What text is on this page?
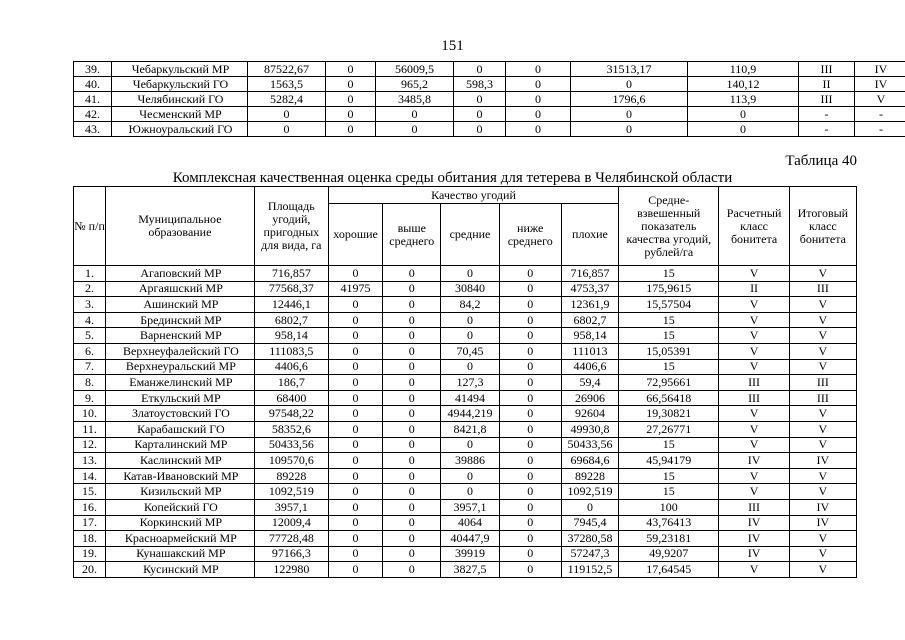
151
39.	Чебаркульский МР	87522,67	0	56009,5	0	0	31513,17	110,9	III	IV
40.	Чебаркульский ГО	1563,5	0	965,2	598,3	0	0	140,12	II	IV
41.	Челябинский ГО	5282,4	0	3485,8	0	0	1796,6	113,9	III	V
42.	Чесменский МР	0	0	0	0	0	0	0	-	-
43.	Южноуральский ГО	0	0	0	0	0	0	0	-	-
Таблица 40
Комплексная качественная оценка среды обитания для тетерева в Челябинской области
№ п/п	Муниципальное образование	Площадь угодий, пригодных для вида, га	Качество угодий					Средне-взвешенный показатель качества угодий, рублей/га	Расчетный класс бонитета	Итоговый класс бонитета
			хорошие	выше среднего	средние	ниже среднего	плохие			
1.	Агаповский МР	716,857	0	0	0	0	716,857	15	V	V
2.	Аргаяшский МР	77568,37	41975	0	30840	0	4753,37	175,9615	II	III
3.	Ашинский МР	12446,1	0	0	84,2	0	12361,9	15,57504	V	V
4.	Брединский МР	6802,7	0	0	0	0	6802,7	15	V	V
5.	Варненский МР	958,14	0	0	0	0	958,14	15	V	V
6.	Верхнеуфалейский ГО	111083,5	0	0	70,45	0	111013	15,05391	V	V
7.	Верхнеуральский МР	4406,6	0	0	0	0	4406,6	15	V	V
8.	Еманжелинский МР	186,7	0	0	127,3	0	59,4	72,95661	III	III
9.	Еткульский МР	68400	0	0	41494	0	26906	66,56418	III	III
10.	Златоустовский ГО	97548,22	0	0	4944,219	0	92604	19,30821	V	V
11.	Карабашский ГО	58352,6	0	0	8421,8	0	49930,8	27,26771	V	V
12.	Карталинский МР	50433,56	0	0	0	0	50433,56	15	V	V
13.	Каслинский МР	109570,6	0	0	39886	0	69684,6	45,94179	IV	IV
14.	Катав-Ивановский МР	89228	0	0	0	0	89228	15	V	V
15.	Кизильский МР	1092,519	0	0	0	0	1092,519	15	V	V
16.	Копейский ГО	3957,1	0	0	3957,1	0	0	100	III	IV
17.	Коркинский МР	12009,4	0	0	4064	0	7945,4	43,76413	IV	IV
18.	Красноармейский МР	77728,48	0	0	40447,9	0	37280,58	59,23181	IV	V
19.	Кунашакский МР	97166,3	0	0	39919	0	57247,3	49,9207	IV	V
20.	Кусинский МР	122980	0	0	3827,5	0	119152,5	17,64545	V	V
